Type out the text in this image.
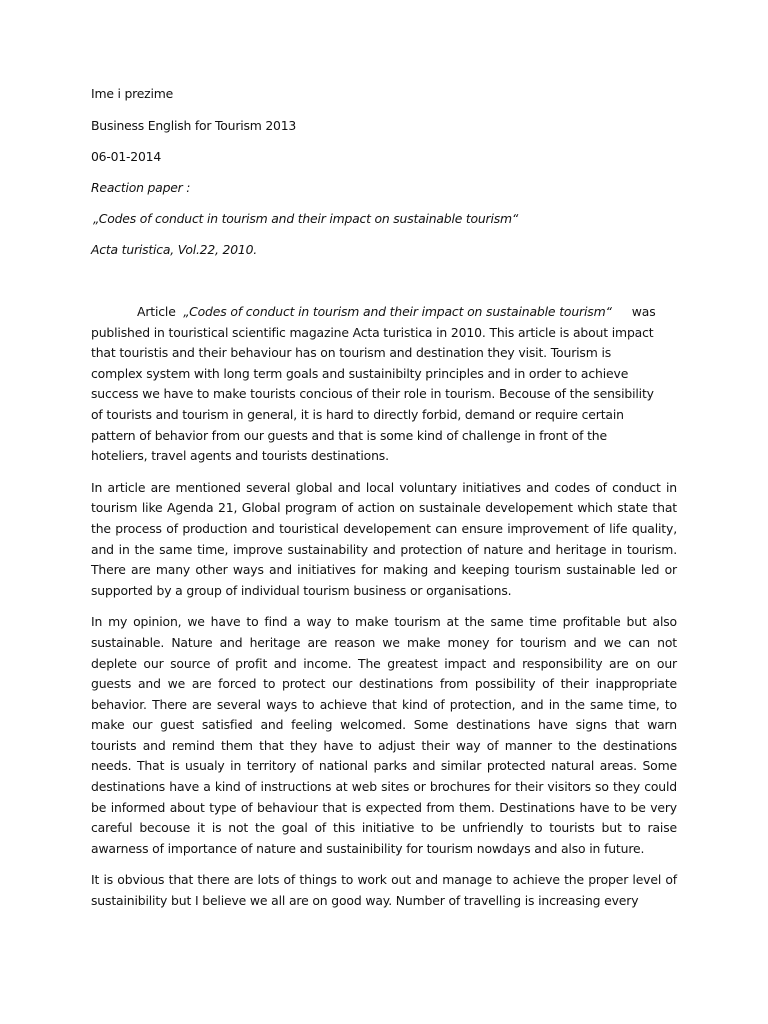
Ime i prezime
Business English for Tourism 2013
06-01-2014
Reaction paper :
„Codes of conduct in tourism and their impact on sustainable tourism“
Acta turistica, Vol.22, 2010.
Article „Codes of conduct in tourism and their impact on sustainable tourism“ was
published in touristical scientific magazine Acta turistica in 2010. This article is about impact
that touristis and their behaviour has on tourism and destination they visit. Tourism is
complex system with long term goals and sustainibilty principles and in order to achieve
success we have to make tourists concious of their role in tourism. Becouse of the sensibility
of tourists and tourism in general, it is hard to directly forbid, demand or require certain
pattern of behavior from our guests and that is some kind of challenge in front of the
hoteliers, travel agents and tourists destinations.

In article are mentioned several global and local voluntary initiatives and codes of conduct in tourism like Agenda 21, Global program of action on sustainale developement which state that the process of production and touristical developement can ensure improvement of life quality, and in the same time, improve sustainability and protection of nature and heritage in tourism. There are many other ways and initiatives for making and keeping tourism sustainable led or supported by a group of individual tourism business or organisations.

In my opinion, we have to find a way to make tourism at the same time profitable but also sustainable. Nature and heritage are reason we make money for tourism and we can not deplete our source of profit and income. The greatest impact and responsibility are on our guests and we are forced to protect our destinations from possibility of their inappropriate behavior. There are several ways to achieve that kind of protection, and in the same time, to make our guest satisfied and feeling welcomed. Some destinations have signs that warn tourists and remind them that they have to adjust their way of manner to the destinations needs. That is usualy in territory of national parks and similar protected natural areas. Some destinations have a kind of instructions at web sites or brochures for their visitors so they could be informed about type of behaviour that is expected from them. Destinations have to be very careful becouse it is not the goal of this initiative to be unfriendly to tourists but to raise awarness of importance of nature and sustainibility for tourism nowdays and also in future.

It is obvious that there are lots of things to work out and manage to achieve the proper level of sustainibility but I believe we all are on good way. Number of travelling is increasing every
